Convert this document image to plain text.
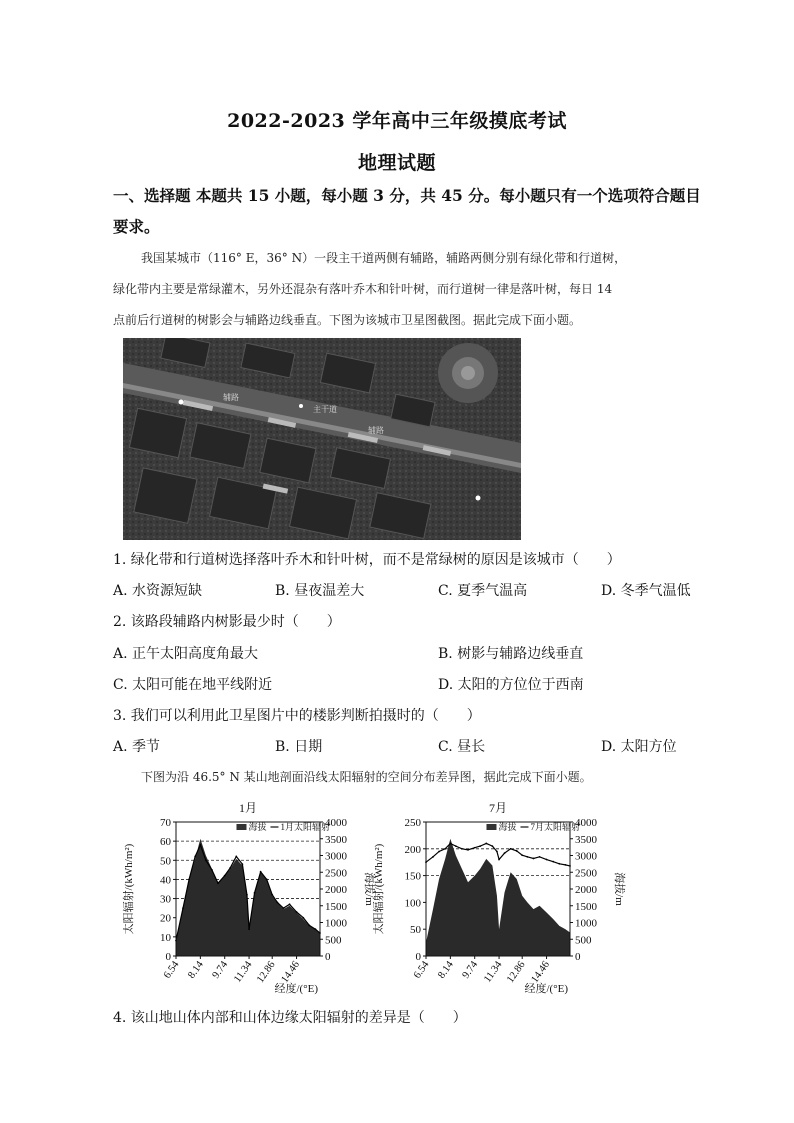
2022-2023 学年高中三年级摸底考试
地理试题
一、选择题 本题共 15 小题，每小题 3 分，共 45 分。每小题只有一个选项符合题目
要求。
我国某城市（116° E，36° N）一段主干道两侧有辅路，辅路两侧分别有绿化带和行道树，
绿化带内主要是常绿灌木，另外还混杂有落叶乔木和针叶树，而行道树一律是落叶树，每日 14
点前后行道树的树影会与辅路边线垂直。下图为该城市卫星图截图。据此完成下面小题。
辅路
主干道
辅路
1. 绿化带和行道树选择落叶乔木和针叶树，而不是常绿树的原因是该城市（　　）
A. 水资源短缺	B. 昼夜温差大	C. 夏季气温高	D. 冬季气温低
2. 该路段辅路内树影最少时（　　）
A. 正午太阳高度角最大	B. 树影与辅路边线垂直
C. 太阳可能在地平线附近	D. 太阳的方位位于西南
3. 我们可以利用此卫星图片中的楼影判断拍摄时的（　　）
A. 季节	B. 日期	C. 昼长	D. 太阳方位
下图为沿 46.5° N 某山地剖面沿线太阳辐射的空间分布差异图，据此完成下面小题。
1月
0
10
20
30
40
50
60
70
0
500
1000
1500
2000
2500
3000
3500
4000
6.54 8.14 9.74 11.34 12.86 14.46
经度/(°E)
太阳辐射/(kWh/m²)	海拔/m
海拔 1月太阳辐射
7月
0
50
100
150
200
250
0
500
1000
1500
2000
2500
3000
3500
4000
6.54 8.14 9.74 11.34 12.86 14.46
经度/(°E)
太阳辐射/(kWh/m²)	海拔/m
海拔 7月太阳辐射
4. 该山地山体内部和山体边缘太阳辐射的差异是（　　）
